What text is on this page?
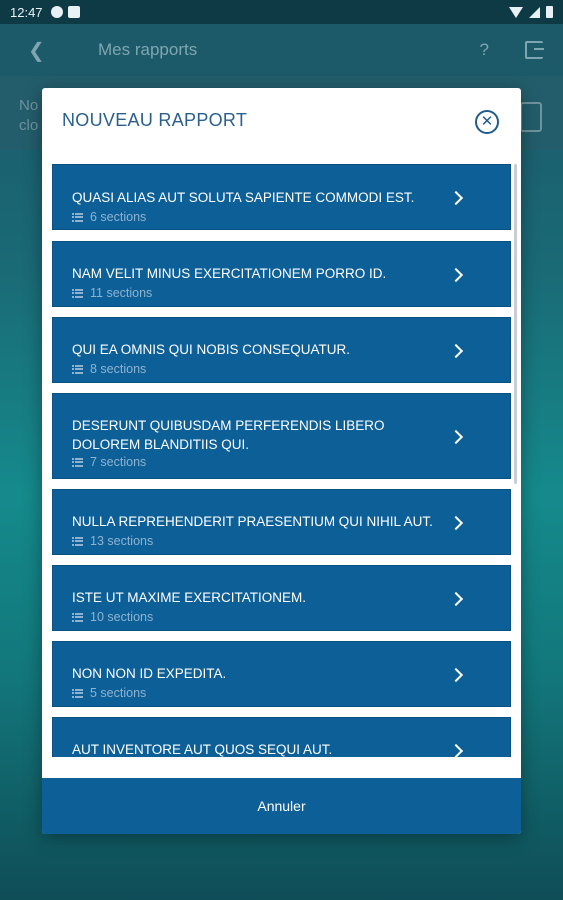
12:47
❮	Mes rapports	?
No
clo NOUVEAU RAPPORT	✕
QUASI ALIAS AUT SOLUTA SAPIENTE COMMODI EST.
6 sections
NAM VELIT MINUS EXERCITATIONEM PORRO ID.
11 sections
QUI EA OMNIS QUI NOBIS CONSEQUATUR.
8 sections
DESERUNT QUIBUSDAM PERFERENDIS LIBERO DOLOREM BLANDITIIS QUI.
7 sections
NULLA REPREHENDERIT PRAESENTIUM QUI NIHIL AUT.
13 sections
ISTE UT MAXIME EXERCITATIONEM.
10 sections
NON NON ID EXPEDITA.
5 sections
AUT INVENTORE AUT QUOS SEQUI AUT.
Annuler
